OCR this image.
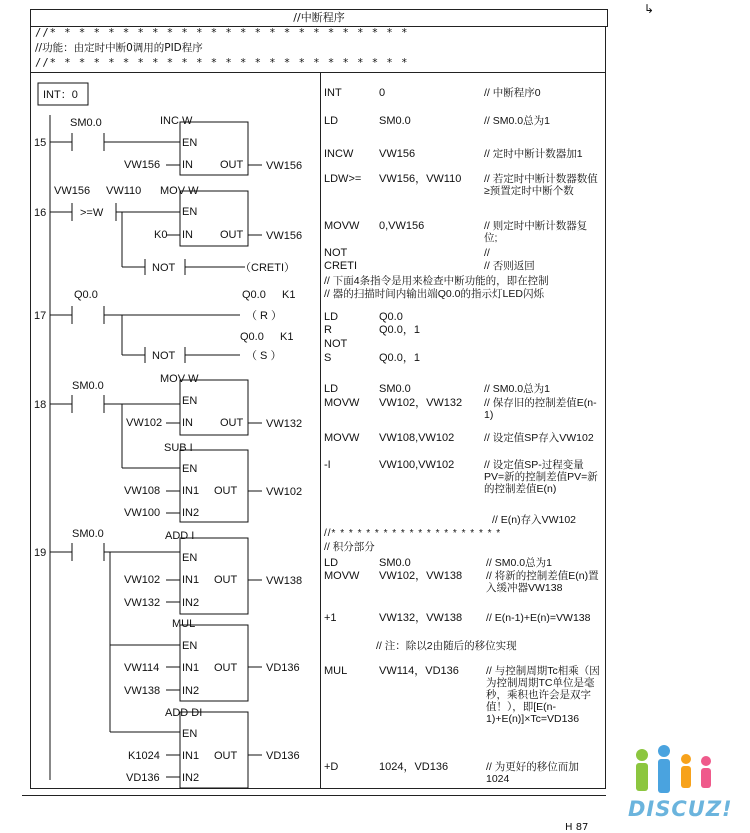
//中断程序
//* * * * * * * * * * * * * * * * * * * * * * * * *
//功能：由定时中断0调用的PID程序
//* * * * * * * * * * * * * * * * * * * * * * * * *
INT：0
15
SM0.0	INC W
EN
IN OUT
VW156	VW156
16
VW156 VW110
>=W
MOV W
EN
IN OUT
K0	VW156
NOT	（CRETI）
17
Q0.0	Q0.0 K1
（ R ）
Q0.0 K1
NOT	（ S ）
18
SM0.0
MOV W
EN
IN OUT
VW102	VW132
SUB I
EN
IN1
IN2
OUT
VW108
VW100
VW102
19
SM0.0	ADD I
EN
IN1
IN2
OUT
VW102
VW132
VW138
MUL
EN
IN1
IN2
OUT
VW114
VW138
VD136
ADD DI
EN
IN1
IN2
OUT
K1024
VD136
VD136
INT	0	// 中断程序0
LD	SM0.0	// SM0.0总为1
INCW VW156	// 定时中断计数器加1
LDW>= VW156，VW110 // 若定时中断计数器数值≥预置定时中断个数
MOVW 0,VW156	// 则定时中断计数器复位;
NOT	//
CRETI	// 否则返回
// 下面4条指令是用来检查中断功能的，即在控制
// 器的扫描时间内输出端Q0.0的指示灯LED闪烁
LD	Q0.0
R	Q0.0，1
NOT
S	Q0.0，1
LD	SM0.0	// SM0.0总为1
MOVW VW102，VW132 // 保存旧的控制差值E(n-1)
MOVW VW108,VW102	// 设定值SP存入VW102
-I	VW100,VW102	// 设定值SP-过程变量PV=新的控制差值PV=新的控制差值E(n)
// E(n)存入VW102
//* * * * * * * * * * * * * * * * * * * *
// 积分部分
LD	SM0.0	// SM0.0总为1
MOVW VW102，VW138 // 将新的控制差值E(n)置入缓冲器VW138
+1	VW132，VW138 // E(n-1)+E(n)=VW138
// 注：除以2由随后的移位实现
MUL	VW114，VD136	// 与控制周期Tc相乘（因为控制周期TC单位是毫秒，乘积也许会是双字值！），即[E(n-1)+E(n)]×Tc=VD136
+D	1024，VD136	// 为更好的移位而加1024
H 87
↳
DISCUZ!
